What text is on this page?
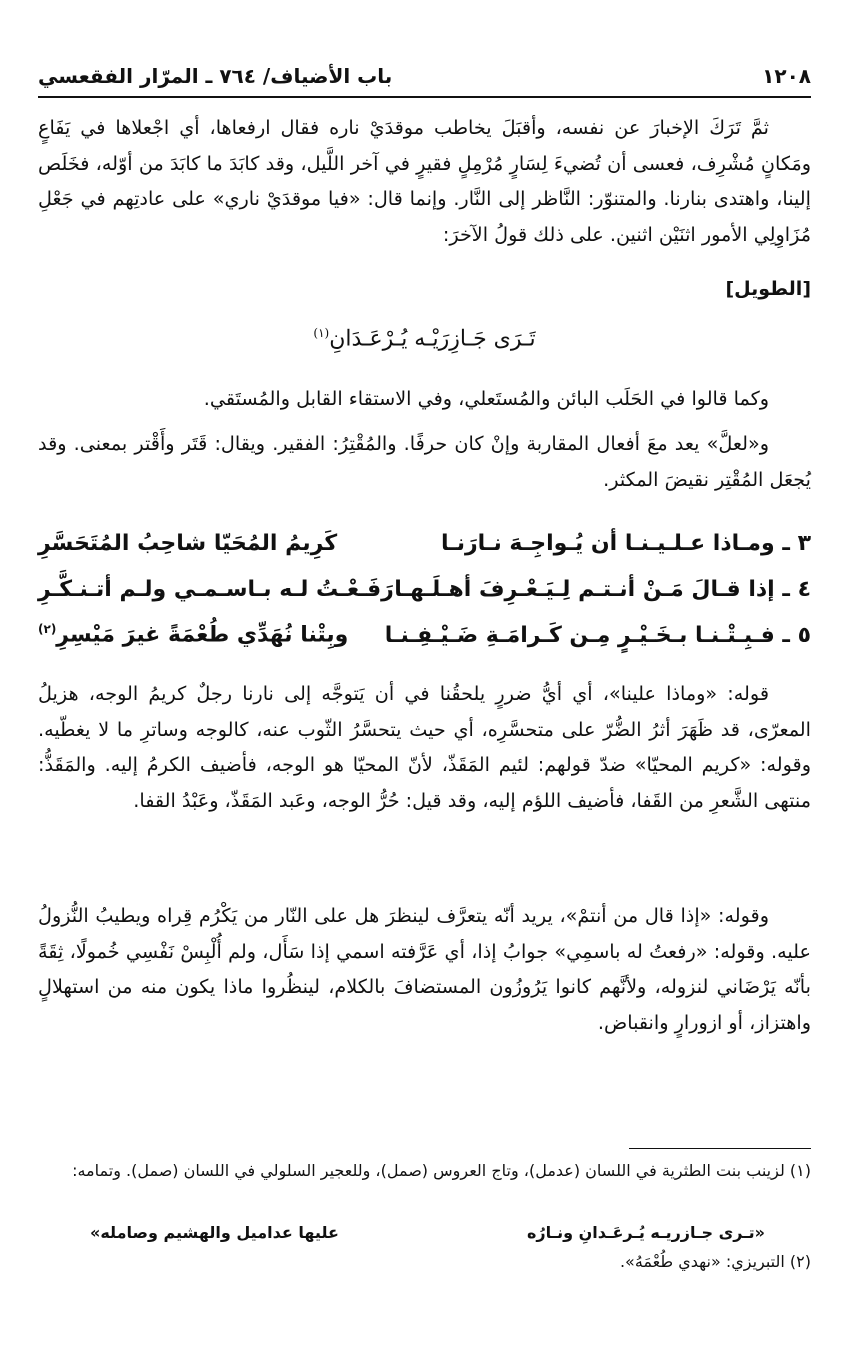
١٢٠٨
باب الأضياف/ ٧٦٤ ـ المرّار الفقعسي

ثمَّ تَرَكَ الإخبارَ عن نفسه، وأقبَلَ يخاطب موقدَيْ ناره فقال ارفعاها، أي اجْعلاها في يَفَاعٍ ومَكانٍ مُشْرِف، فعسى أن تُضيءَ لِسَارٍ مُرْمِلٍ فقيرٍ في آخر اللَّيل، وقد كابَدَ ما كابَدَ من أوّله، فخَلَص إلينا، واهتدى بنارنا. والمتنوّر: النَّاظر إلى النَّار. وإنما قال: «فيا موقدَيْ ناري» على عادتِهم في جَعْلِ مُزَاوِلِي الأمور اثنَيْن اثنين. على ذلك قولُ الآخرَ:

[الطويل]
تَـرَى جَـازِرَيْـه يُـرْعَـدَانِ$^{(١)}$

وكما قالوا في الحَلَب البائن والمُستَعلي، وفي الاستقاء القابل والمُستَقي.

و«لعلَّ» يعد معَ أفعال المقاربة وإنْ كان حرفًا. والمُقْتِرُ: الفقير. ويقال: قَتَر وأَقْتر بمعنى. وقد يُجعَل المُقْتِر نقيضَ المكثر.

٣ ـ ومـاذا عـلـيـنـا أن يُـواجِـهَ نـارَنـا
كَرِيمُ المُحَيّا شاحِبُ المُتَحَسَّرِ
٤ ـ إذا قـالَ مَـنْ أنـتـم لِـيَـعْـرِفَ أهـلَـهـا
رَفَـعْـتُ لـه بـاسـمـي ولـم أتـنـكَّـرِ
٥ ـ فـبِـتْـنـا بـخَـيْـرٍ مِـن كَـرامَـةِ ضَـيْـفِـنـا
وبِتْنا نُهَدِّي طُعْمَةً غيرَ مَيْسِرِ$^{(٢)}$

قوله: «وماذا علينا»، أي أيُّ ضررٍ يلحقُنا في أن يَتوجَّه إلى نارنا رجلٌ كريمُ الوجه، هزيلُ المعرّى، قد ظَهَرَ أثرُ الضُّرّ على متحسَّرِه، أي حيث يتحسَّرُ الثّوب عنه، كالوجه وساترِ ما لا يغطّيه. وقوله: «كريم المحيّا» ضدّ قولهم: لئيم المَقَذّ، لأنّ المحيّا هو الوجه، فأضيف الكرمُ إليه. والمَقَذُّ: منتهى الشَّعرِ من القَفا، فأضيف اللؤم إليه، وقد قيل: حُرُّ الوجه، وعَبد المَقَذّ، وعَبْدُ القفا.

وقوله: «إذا قال من أنتمْ»، يريد أنّه يتعرَّف لينظرَ هل على النّار من يَكْرُم قِراه ويطيبُ النُّزولُ عليه. وقوله: «رفعتُ له باسمِي» جوابُ إذا، أي عَرَّفته اسمي إذا سَأَل، ولم أُلْبِسْ نَفْسِي خُمولًا، ثِقَةً بأنّه يَرْضَاني لنزوله، ولأنَّهم كانوا يَرُوزُون المستضافَ بالكلام، لينظُروا ماذا يكون منه من استهلالٍ واهتزاز، أو ازورارٍ وانقباض.

(١) لزينب بنت الطثرية في اللسان (عدمل)، وتاج العروس (صمل)، وللعجير السلولي في اللسان (صمل). وتمامه:
«تـرى جـازريـه يُـرعَـدانِ ونـارُه
عليها عداميل والهشيم وصامله»
(٢) التبريزي: «نهدي طُعْمَهُ».
